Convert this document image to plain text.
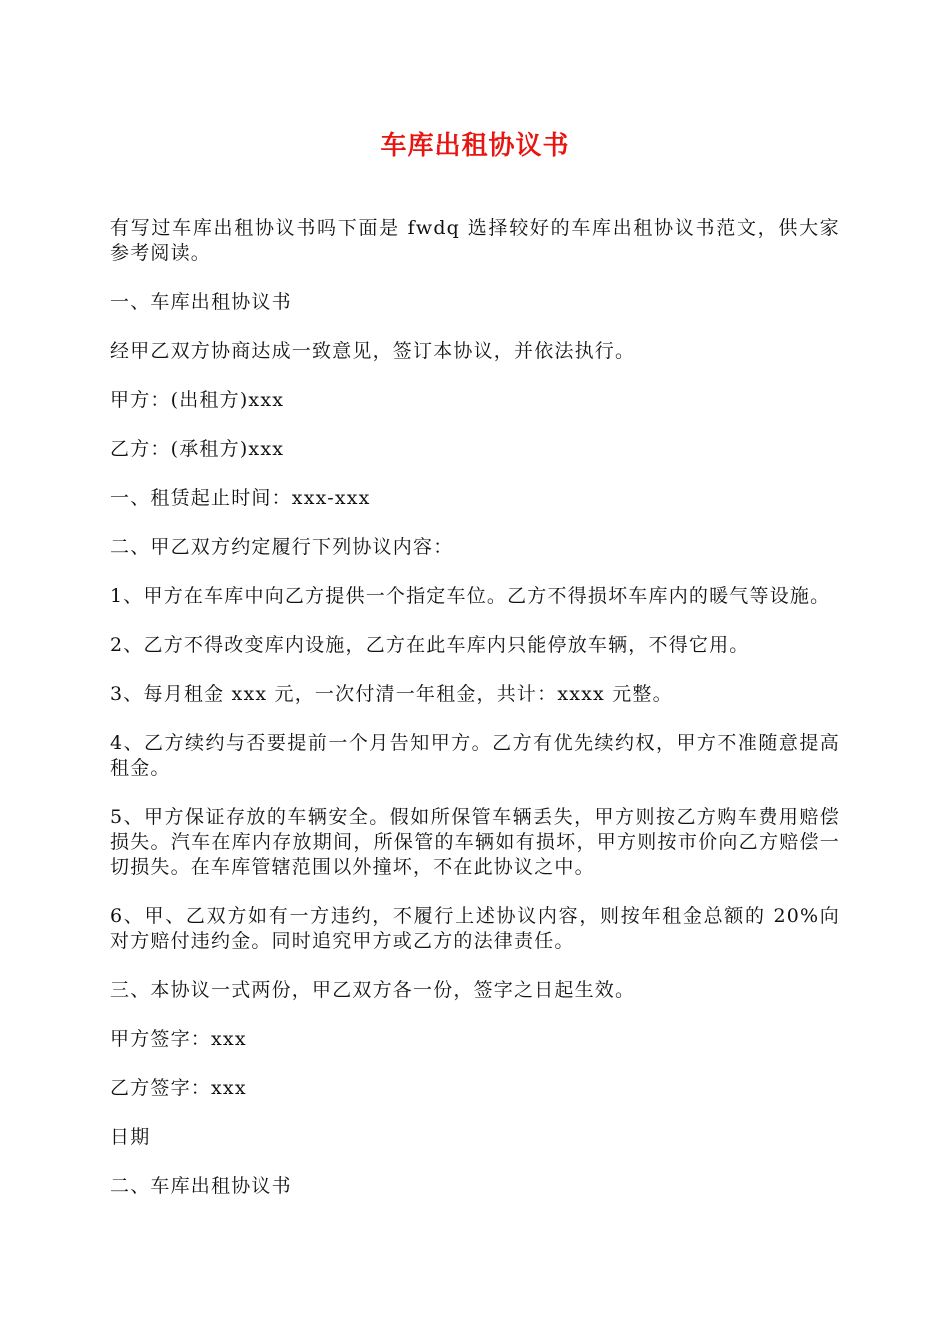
车库出租协议书

有写过车库出租协议书吗下面是 fwdq 选择较好的车库出租协议书范文，供大家参考阅读。

一、车库出租协议书

经甲乙双方协商达成一致意见，签订本协议，并依法执行。

甲方：(出租方)xxx

乙方：(承租方)xxx

一、租赁起止时间：xxx-xxx

二、甲乙双方约定履行下列协议内容：

1、甲方在车库中向乙方提供一个指定车位。乙方不得损坏车库内的暖气等设施。

2、乙方不得改变库内设施，乙方在此车库内只能停放车辆，不得它用。

3、每月租金 xxx 元，一次付清一年租金，共计：xxxx 元整。

4、乙方续约与否要提前一个月告知甲方。乙方有优先续约权，甲方不准随意提高租金。

5、甲方保证存放的车辆安全。假如所保管车辆丢失，甲方则按乙方购车费用赔偿损失。汽车在库内存放期间，所保管的车辆如有损坏，甲方则按市价向乙方赔偿一切损失。在车库管辖范围以外撞坏，不在此协议之中。

6、甲、乙双方如有一方违约，不履行上述协议内容，则按年租金总额的 20%向对方赔付违约金。同时追究甲方或乙方的法律责任。

三、本协议一式两份，甲乙双方各一份，签字之日起生效。

甲方签字：xxx

乙方签字：xxx

日期

二、车库出租协议书
